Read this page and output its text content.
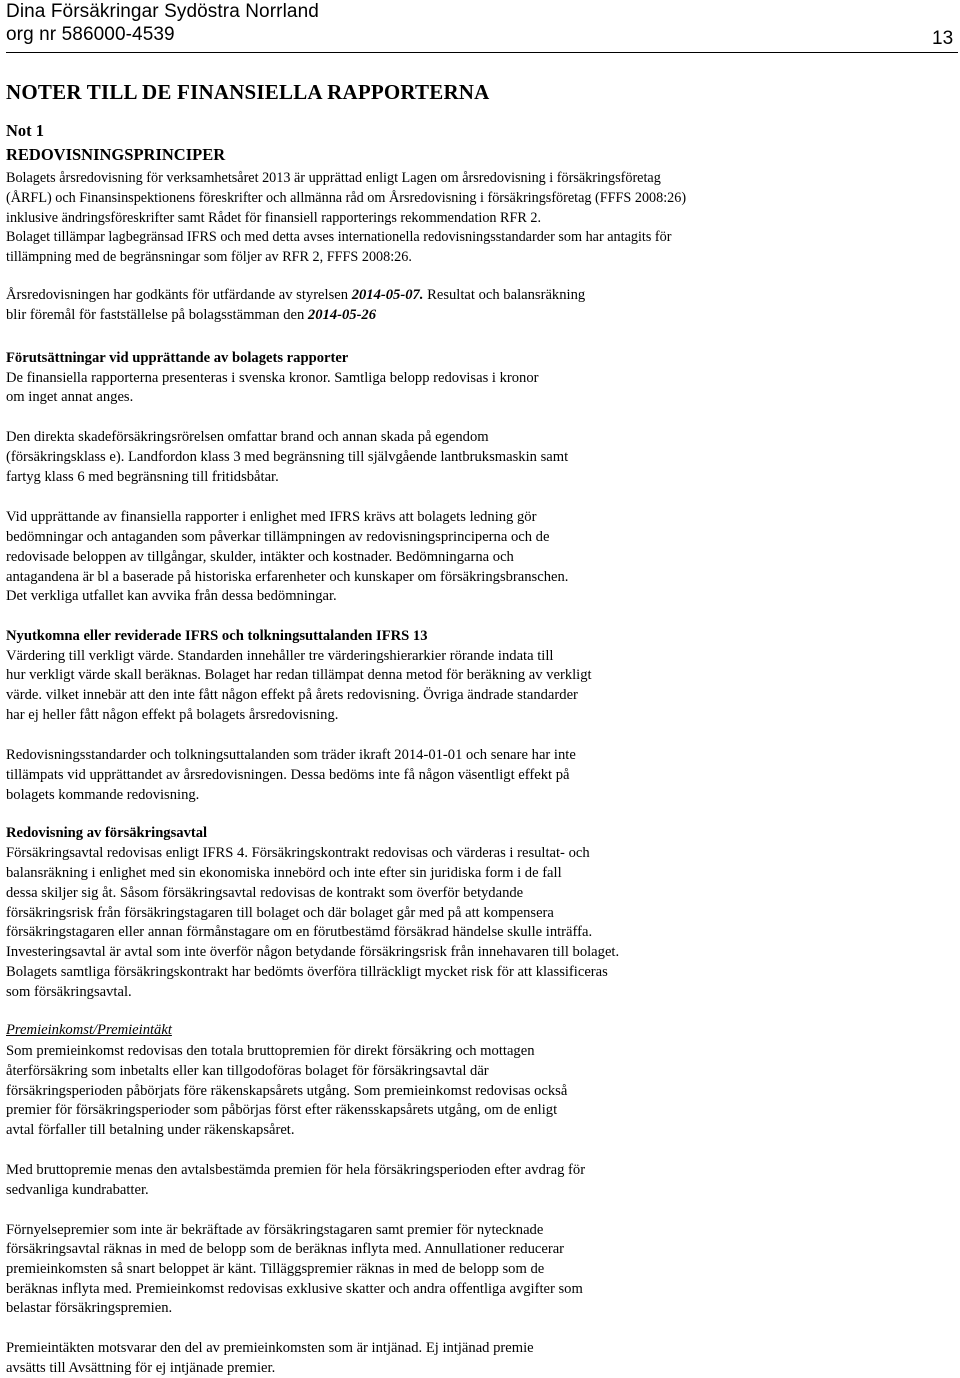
Dina Försäkringar Sydöstra Norrland
org nr 586000-4539	13
NOTER TILL DE FINANSIELLA RAPPORTERNA
Not 1
REDOVISNINGSPRINCIPER
Bolagets årsredovisning för verksamhetsåret 2013 är upprättad enligt Lagen om årsredovisning i försäkringsföretag
(ÅRFL) och Finansinspektionens föreskrifter och allmänna råd om Årsredovisning i försäkringsföretag (FFFS 2008:26)
inklusive ändringsföreskrifter samt Rådet för finansiell rapporterings rekommendation RFR 2.
Bolaget tillämpar lagbegränsad IFRS och med detta avses internationella redovisningsstandarder som har antagits för
tillämpning med de begränsningar som följer av RFR 2, FFFS 2008:26.
Årsredovisningen har godkänts för utfärdande av styrelsen 2014-05-07. Resultat och balansräkning
blir föremål för fastställelse på bolagsstämman den 2014-05-26
Förutsättningar vid upprättande av bolagets rapporter
De finansiella rapporterna presenteras i svenska kronor. Samtliga belopp redovisas i kronor
om inget annat anges.
Den direkta skadeförsäkringsrörelsen omfattar brand och annan skada på egendom
(försäkringsklass e). Landfordon klass 3 med begränsning till självgående lantbruksmaskin samt
fartyg klass 6 med begränsning till fritidsbåtar.
Vid upprättande av finansiella rapporter i enlighet med IFRS krävs att bolagets ledning gör
bedömningar och antaganden som påverkar tillämpningen av redovisningsprinciperna och de
redovisade beloppen av tillgångar, skulder, intäkter och kostnader. Bedömningarna och
antagandena är bl a baserade på historiska erfarenheter och kunskaper om försäkringsbranschen.
Det verkliga utfallet kan avvika från dessa bedömningar.
Nyutkomna eller reviderade IFRS och tolkningsuttalanden IFRS 13
Värdering till verkligt värde. Standarden innehåller tre värderingshierarkier rörande indata till
hur verkligt värde skall beräknas. Bolaget har redan tillämpat denna metod för beräkning av verkligt
värde. vilket innebär att den inte fått någon effekt på årets redovisning. Övriga ändrade standarder
har ej heller fått någon effekt på bolagets årsredovisning.
Redovisningsstandarder och tolkningsuttalanden som träder ikraft 2014-01-01 och senare har inte
tillämpats vid upprättandet av årsredovisningen. Dessa bedöms inte få någon väsentligt effekt på
bolagets kommande redovisning.
Redovisning av försäkringsavtal
Försäkringsavtal redovisas enligt IFRS 4. Försäkringskontrakt redovisas och värderas i resultat- och
balansräkning i enlighet med sin ekonomiska innebörd och inte efter sin juridiska form i de fall
dessa skiljer sig åt. Såsom försäkringsavtal redovisas de kontrakt som överför betydande
försäkringsrisk från försäkringstagaren till bolaget och där bolaget går med på att kompensera
försäkringstagaren eller annan förmånstagare om en förutbestämd försäkrad händelse skulle inträffa.
Investeringsavtal är avtal som inte överför någon betydande försäkringsrisk från innehavaren till bolaget.
Bolagets samtliga försäkringskontrakt har bedömts överföra tillräckligt mycket risk för att klassificeras
som försäkringsavtal.
Premieinkomst/Premieintäkt
Som premieinkomst redovisas den totala bruttopremien för direkt försäkring och mottagen
återförsäkring som inbetalts eller kan tillgodoföras bolaget för försäkringsavtal där
försäkringsperioden påbörjats före räkenskapsårets utgång. Som premieinkomst redovisas också
premier för försäkringsperioder som påbörjas först efter räkensskapsårets utgång, om de enligt
avtal förfaller till betalning under räkenskapsåret.
Med bruttopremie menas den avtalsbestämda premien för hela försäkringsperioden efter avdrag för
sedvanliga kundrabatter.
Förnyelsepremier som inte är bekräftade av försäkringstagaren samt premier för nytecknade
försäkringsavtal räknas in med de belopp som de beräknas inflyta med. Annullationer reducerar
premieinkomsten så snart beloppet är känt. Tilläggspremier räknas in med de belopp som de
beräknas inflyta med. Premieinkomst redovisas exklusive skatter och andra offentliga avgifter som
belastar försäkringspremien.
Premieintäkten motsvarar den del av premieinkomsten som är intjänad. Ej intjänad premie
avsätts till Avsättning för ej intjänade premier.
